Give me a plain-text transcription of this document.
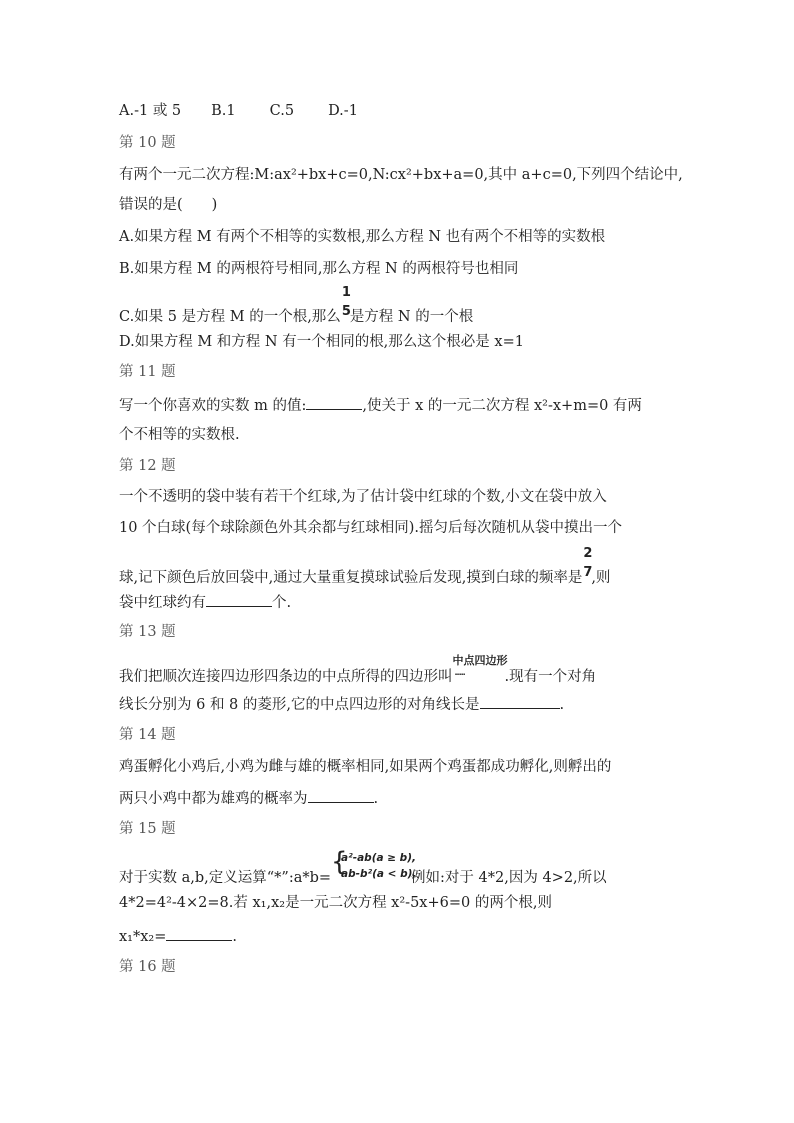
A.-1 或 5 B.1 C.5 D.-1
第 10 题
有两个一元二次方程:M:ax²+bx+c=0,N:cx²+bx+a=0,其中 a+c=0,下列四个结论中,
错误的是(　　)
A.如果方程 M 有两个不相等的实数根,那么方程 N 也有两个不相等的实数根
B.如果方程 M 的两根符号相同,那么方程 N 的两根符号也相同
C.如果 5 是方程 M 的一个根,那么
1
5
是方程 N 的一个根
D.如果方程 M 和方程 N 有一个相同的根,那么这个根必是 x=1
第 11 题
写一个你喜欢的实数 m 的值:	,使关于 x 的一元二次方程 x²-x+m=0 有两
个不相等的实数根.
第 12 题
一个不透明的袋中装有若干个红球,为了估计袋中红球的个数,小文在袋中放入
10 个白球(每个球除颜色外其余都与红球相同).摇匀后每次随机从袋中摸出一个
球,记下颜色后放回袋中,通过大量重复摸球试验后发现,摸到白球的频率是
2
7
,则
袋中红球约有	个.
第 13 题
我们把顺次连接四边形四条边的中点所得的四边形叫
中点四边形
.....	.现有一个对角
线长分别为 6 和 8 的菱形,它的中点四边形的对角线长是	.
第 14 题
鸡蛋孵化小鸡后,小鸡为雌与雄的概率相同,如果两个鸡蛋都成功孵化,则孵出的
两只小鸡中都为雄鸡的概率为	.
第 15 题
对于实数 a,b,定义运算“*”:a*b=
{
a²-ab(a ≥ b),
ab-b²(a < b),
例如:对于 4*2,因为 4>2,所以
4*2=4²-4×2=8.若 x₁,x₂是一元二次方程 x²-5x+6=0 的两个根,则
x₁*x₂=	.
第 16 题
